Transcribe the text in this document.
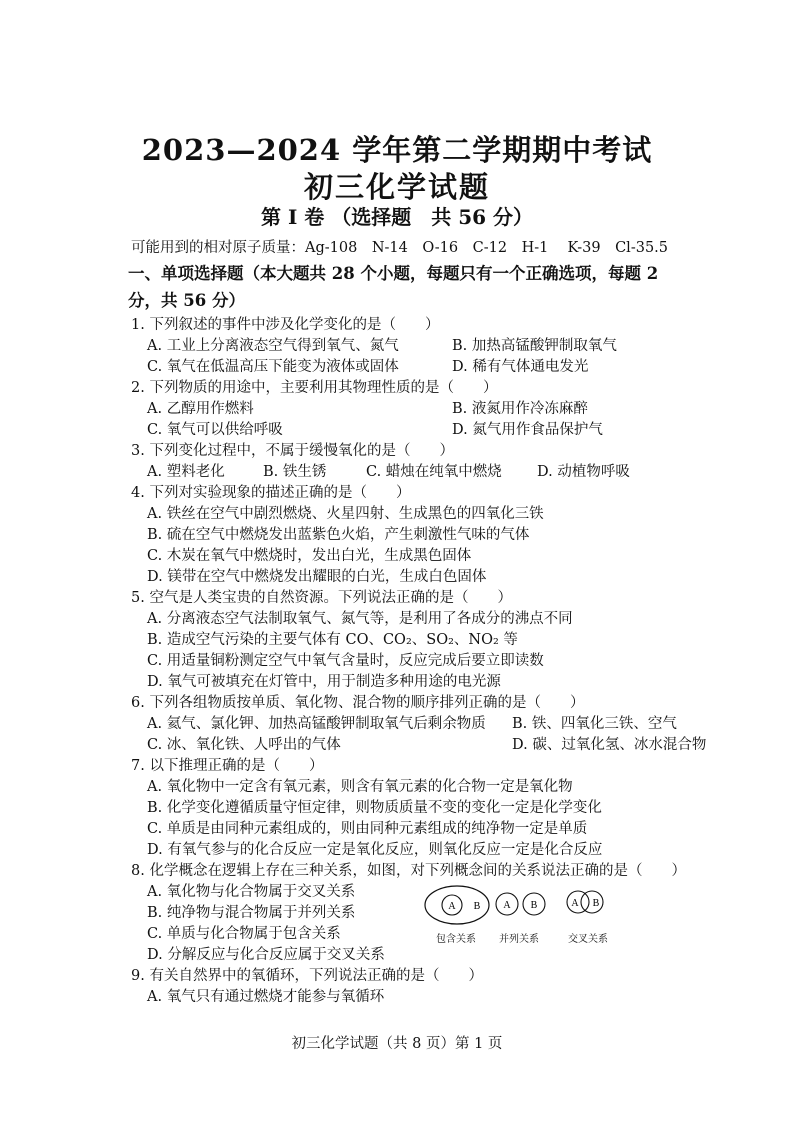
2023—2024 学年第二学期期中考试
初三化学试题
第 I 卷 （选择题　共 56 分）
可能用到的相对原子质量：Ag-108　N-14　O-16　C-12　H-1　 K-39　Cl-35.5
一、单项选择题（本大题共 28 个小题，每题只有一个正确选项，每题 2
分，共 56 分）
1. 下列叙述的事件中涉及化学变化的是（　　）
A. 工业上分离液态空气得到氧气、氮气	B. 加热高锰酸钾制取氧气
C. 氧气在低温高压下能变为液体或固体	D. 稀有气体通电发光
2. 下列物质的用途中，主要利用其物理性质的是（　　）
A. 乙醇用作燃料	B. 液氮用作冷冻麻醉
C. 氧气可以供给呼吸	D. 氮气用作食品保护气
3. 下列变化过程中，不属于缓慢氧化的是（　　）
A. 塑料老化	B. 铁生锈	C. 蜡烛在纯氧中燃烧 D. 动植物呼吸
4. 下列对实验现象的描述正确的是（　　）
A. 铁丝在空气中剧烈燃烧、火星四射、生成黑色的四氧化三铁
B. 硫在空气中燃烧发出蓝紫色火焰，产生刺激性气味的气体
C. 木炭在氧气中燃烧时，发出白光，生成黑色固体
D. 镁带在空气中燃烧发出耀眼的白光，生成白色固体
5. 空气是人类宝贵的自然资源。下列说法正确的是（　　）
A. 分离液态空气法制取氧气、氮气等，是利用了各成分的沸点不同
B. 造成空气污染的主要气体有 CO、CO₂、SO₂、NO₂ 等
C. 用适量铜粉测定空气中氧气含量时，反应完成后要立即读数
D. 氧气可被填充在灯管中，用于制造多种用途的电光源
6. 下列各组物质按单质、氧化物、混合物的顺序排列正确的是（　　）
A. 氦气、氯化钾、加热高锰酸钾制取氧气后剩余物质 B. 铁、四氧化三铁、空气
C. 冰、氧化铁、人呼出的气体	D. 碳、过氧化氢、冰水混合物
7. 以下推理正确的是（　　）
A. 氧化物中一定含有氧元素，则含有氧元素的化合物一定是氧化物
B. 化学变化遵循质量守恒定律，则物质质量不变的变化一定是化学变化
C. 单质是由同种元素组成的，则由同种元素组成的纯净物一定是单质
D. 有氧气参与的化合反应一定是氧化反应，则氧化反应一定是化合反应
8. 化学概念在逻辑上存在三种关系，如图，对下列概念间的关系说法正确的是（　　）
A. 氧化物与化合物属于交叉关系
B. 纯净物与混合物属于并列关系
C. 单质与化合物属于包含关系
D. 分解反应与化合反应属于交叉关系
A B A B	A B
包含关系 并列关系	交叉关系
9. 有关自然界中的氧循环，下列说法正确的是（　　）
A. 氧气只有通过燃烧才能参与氧循环
初三化学试题（共 8 页）第 1 页
